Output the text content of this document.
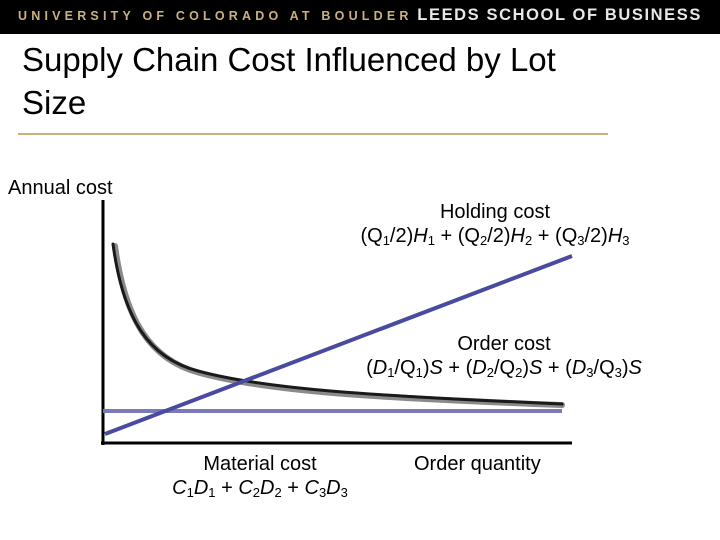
UNIVERSITY OF COLORADO AT BOULDER LEEDS SCHOOL OF BUSINESS
Supply Chain Cost Influenced by Lot Size
Annual cost
Order quantity
Holding cost
$(Q_1/2)H_1 + (Q_2/2)H_2 + (Q_3/2)H_3$
Order cost
$(D_1/Q_1)S + (D_2/Q_2)S + (D_3/Q_3)S$
Material cost
$C_1D_1 + C_2D_2 + C_3D_3$
